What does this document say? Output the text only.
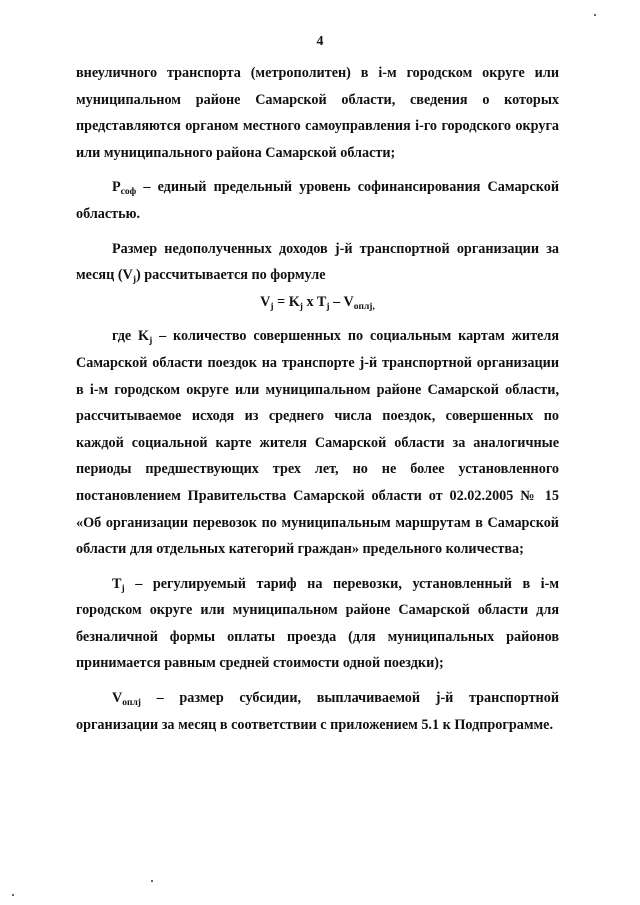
4

внеуличного транспорта (метрополитен) в i-м городском округе или муниципальном районе Самарской области, сведения о которых представляются органом местного самоуправления i-го городского округа или муниципального района Самарской области;

$P_{соф}$ – единый предельный уровень софинансирования Самарской областью.

Размер недополученных доходов j-й транспортной организации за месяц $(V_j)$ рассчитывается по формуле

$V_j = K_j$ x $T_j - V_{оплj,}$

где $K_j$ – количество совершенных по социальным картам жителя Самарской области поездок на транспорте j-й транспортной организации в i-м городском округе или муниципальном районе Самарской области, рассчитываемое исходя из среднего числа поездок, совершенных по каждой социальной карте жителя Самарской области за аналогичные периоды предшествующих трех лет, но не более установленного постановлением Правительства Самарской области от 02.02.2005 № 15 «Об организации перевозок по муниципальным маршрутам в Самарской области для отдельных категорий граждан» предельного количества;

$T_j$ – регулируемый тариф на перевозки, установленный в i-м городском округе или муниципальном районе Самарской области для безналичной формы оплаты проезда (для муниципальных районов принимается равным средней стоимости одной поездки);

$V_{оплj}$ – размер субсидии, выплачиваемой j-й транспортной организации за месяц в соответствии с приложением 5.1 к Подпрограмме.
